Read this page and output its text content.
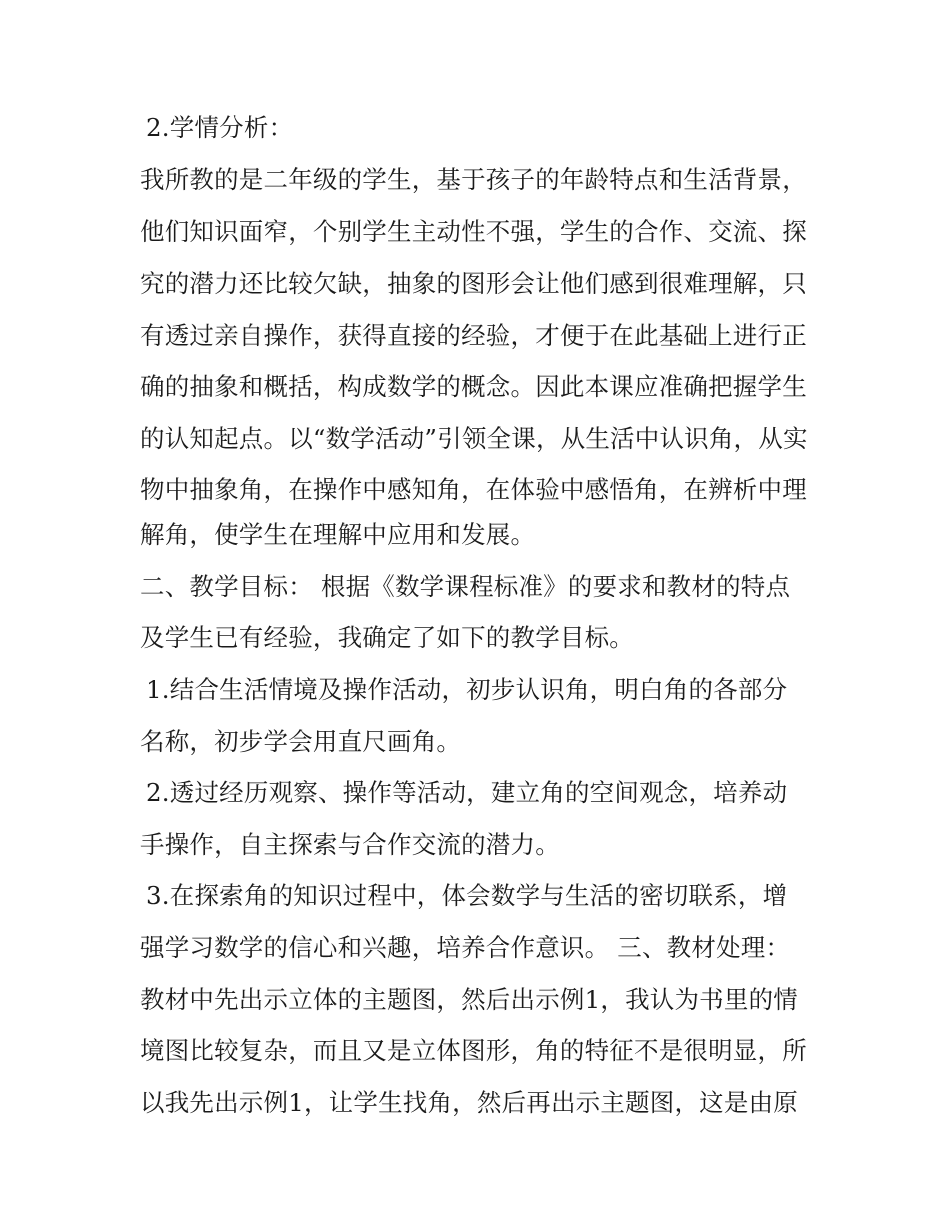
2.学情分析：
我所教的是二年级的学生，基于孩子的年龄特点和生活背景，
他们知识面窄，个别学生主动性不强，学生的合作、交流、探
究的潜力还比较欠缺，抽象的图形会让他们感到很难理解，只
有透过亲自操作，获得直接的经验，才便于在此基础上进行正
确的抽象和概括，构成数学的概念。因此本课应准确把握学生
的认知起点。以“数学活动”引领全课，从生活中认识角，从实
物中抽象角，在操作中感知角，在体验中感悟角，在辨析中理
解角，使学生在理解中应用和发展。
二、教学目标： 根据《数学课程标准》的要求和教材的特点
及学生已有经验，我确定了如下的教学目标。
1.结合生活情境及操作活动，初步认识角，明白角的各部分
名称，初步学会用直尺画角。
2.透过经历观察、操作等活动，建立角的空间观念，培养动
手操作，自主探索与合作交流的潜力。
3.在探索角的知识过程中，体会数学与生活的密切联系，增
强学习数学的信心和兴趣，培养合作意识。 三、教材处理：
教材中先出示立体的主题图，然后出示例1，我认为书里的情
境图比较复杂，而且又是立体图形，角的特征不是很明显，所
以我先出示例1，让学生找角，然后再出示主题图，这是由原
